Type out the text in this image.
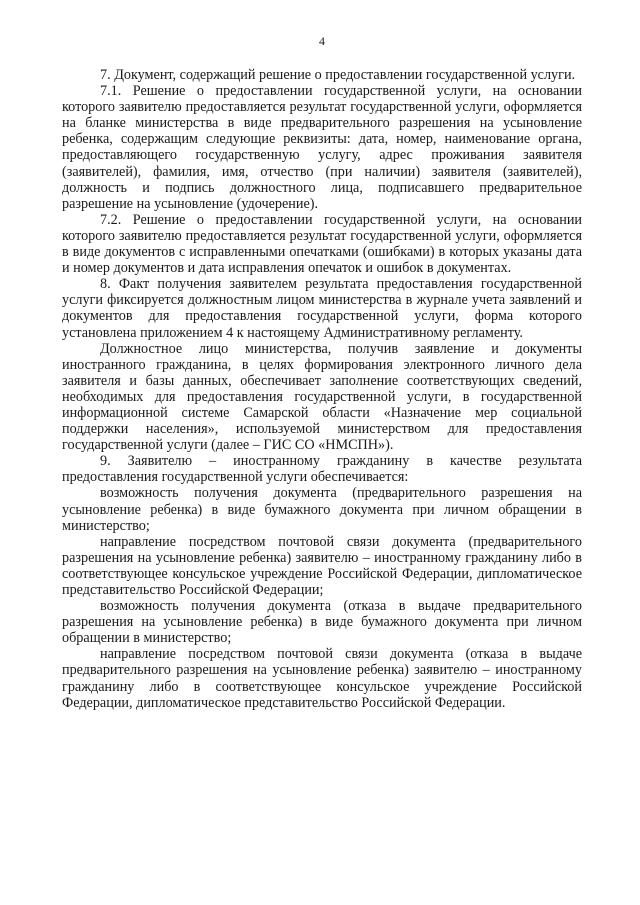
4

7. Документ, содержащий решение о предоставлении государственной услуги.

7.1. Решение о предоставлении государственной услуги, на основании которого заявителю предоставляется результат государственной услуги, оформляется на бланке министерства в виде предварительного разрешения на усыновление ребенка, содержащим следующие реквизиты: дата, номер, наименование органа, предоставляющего государственную услугу, адрес проживания заявителя (заявителей), фамилия, имя, отчество (при наличии) заявителя (заявителей), должность и подпись должностного лица, подписавшего предварительное разрешение на усыновление (удочерение).

7.2. Решение о предоставлении государственной услуги, на основании которого заявителю предоставляется результат государственной услуги, оформляется в виде документов с исправленными опечатками (ошибками) в которых указаны дата и номер документов и дата исправления опечаток и ошибок в документах.

8. Факт получения заявителем результата предоставления государственной услуги фиксируется должностным лицом министерства в журнале учета заявлений и документов для предоставления государственной услуги, форма которого установлена приложением 4 к настоящему Административному регламенту.

Должностное лицо министерства, получив заявление и документы иностранного гражданина, в целях формирования электронного личного дела заявителя и базы данных, обеспечивает заполнение соответствующих сведений, необходимых для предоставления государственной услуги, в государственной информационной системе Самарской области «Назначение мер социальной поддержки населения», используемой министерством для предоставления государственной услуги (далее – ГИС СО «НМСПН»).

9. Заявителю – иностранному гражданину в качестве результата предоставления государственной услуги обеспечивается:

возможность получения документа (предварительного разрешения на усыновление ребенка) в виде бумажного документа при личном обращении в министерство;

направление посредством почтовой связи документа (предварительного разрешения на усыновление ребенка) заявителю – иностранному гражданину либо в соответствующее консульское учреждение Российской Федерации, дипломатическое представительство Российской Федерации;

возможность получения документа (отказа в выдаче предварительного разрешения на усыновление ребенка) в виде бумажного документа при личном обращении в министерство;

направление посредством почтовой связи документа (отказа в выдаче предварительного разрешения на усыновление ребенка) заявителю – иностранному гражданину либо в соответствующее консульское учреждение Российской Федерации, дипломатическое представительство Российской Федерации.
